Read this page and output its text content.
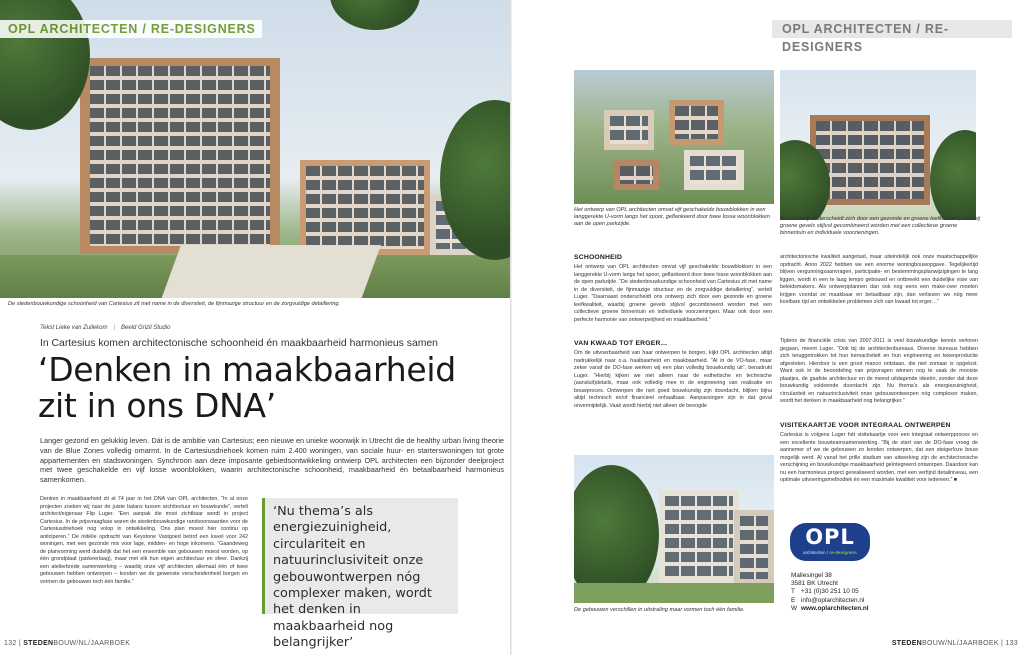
OPL ARCHITECTEN / RE-DESIGNERS
De stedenbouwkundige schoonheid van Cartesius zit met name in de diversiteit, de fijnmazige structuur en de zorgvuldige detaillering.
Tekst Lieke van Zuilekom | Beeld Grizli Studio
In Cartesius komen architectonische schoonheid én maakbaarheid harmonieus samen
‘Denken in maakbaarheid zit in ons DNA’

Langer gezond en gelukkig leven. Dát is de ambitie van Cartesius; een nieuwe en unieke woonwijk in Utrecht die de healthy urban living theorie van de Blue Zones volledig omarmt. In de Cartesiusdriehoek komen ruim 2.400 woningen, van sociale huur- en starterswoningen tot grote appartementen en stadswoningen. Synchroon aan deze imposante gebiedsontwikkeling ontwierp OPL architecten een bijzonder deelproject met twee geschakelde en vijf losse woonblokken, waarin architectonische schoonheid, maakbaarheid én betaalbaarheid harmonieus samenkomen.

Denken in maakbaarheid zit al 74 jaar in het DNA van OPL architecten. “In al onze projecten zoeken wij naar de juiste balans tussen architectuur en bouwkunde”, vertelt architect/eigenaar Flip Luger. “Een aanpak die mooi zichtbaar wordt in project Cartesius. In de prijsvraagfase waren de stedenbouwkundige randvoorwaarden voor de Cartesiusdriehoek nog volop in ontwikkeling. Ons plan moest hier continu op anticiperen.” De initiële opdracht van Keystone Vastgoed betrof een kavel voor 242 woningen, met een gezonde mix voor lage, midden- en hoge inkomens. “Gaandeweg de planvorming werd duidelijk dat het een ensemble van gebouwen moest worden, op één grondplaat (parkeerlaag), maar met elk hun eigen architectuur en sfeer. Dankzij een atelierbrede samenwerking – waarbij onze vijf architecten allemaal één of twee gebouwen hebben ontworpen – konden we de gewenste verscheidenheid borgen en vormen de gebouwen toch één familie.”

‘Nu thema’s als energiezuinigheid, circulariteit en natuurinclusiviteit onze gebouwontwerpen nóg complexer maken, wordt het denken in maakbaarheid nog belangrijker’

132 | STEDENBOUW/NL/JAARBOEK
OPL ARCHITECTEN / RE-DESIGNERS
Het ontwerp van OPL architecten omvat vijf geschakelde bouwblokken in een langgerekte U-vorm langs het spoor, geflankeerd door twee losse woonblokken aan de open parkzijde.
Het ontwerp onderscheidt zich door een gezonde en groene leefkwaliteit, waarbij groene gevels stijlvol gecombineerd worden met een collectieve groene binnentuin en individuele voorzieningen.
SCHOONHEID

Het ontwerp van OPL architecten omvat vijf geschakelde bouwblokken in een langgerekte U-vorm langs het spoor, geflankeerd door twee losse woonblokken aan de open parkzijde. “De stedenbouwkundige schoonheid van Cartesius zit met name in de diversiteit, de fijnmazige structuur en de zorgvuldige detaillering”, vertelt Luger. “Daarnaast onderscheidt ons ontwerp zich door een gezonde en groene leefkwaliteit, waarbij groene gevels stijlvol gecombineerd worden met een collectieve groene binnentuin en individuele voorzieningen. Maar ook door een perfecte harmonie van ontwerpvrijheid en maakbaarheid.”

VAN KWAAD TOT ERGER…

Om de uitvoerbaarheid van haar ontwerpen te borgen, kijkt OPL architecten altijd nadrukkelijk naar o.a. haalbaarheid en maakbaarheid. “Al in de VO-fase, maar zeker vanaf de DO-fase werken wij een plan volledig bouwkundig uit”, benadrukt Luger. “Hierbij kijken we niet alleen naar de esthetische en technische (aansluit)details, maar ook volledig mee in de engineering van realisatie en bouwproces. Ontwerpen die niet goed bouwkundig zijn doordacht, blijken bijna altijd technisch en/of financieel onhaalbaar. Aanpassingen zijn in dat geval onvermijdelijk. Vaak wordt hierbij niet alleen de beoogde

architectonische kwaliteit aangetast, maar uiteindelijk ook onze maatschappelijke opdracht. Anno 2022 hebben we een enorme woningbouwopgave. Tegelijkertijd blijven vergunningsaanvragen, participatie- en bestemmingsplanwijzigingen te lang liggen, wordt in een te laag tempo gebouwd en ontbreekt een duidelijke visie van beleidsmakers. Als ontwerpplannen dan ook nog eens een make-over moeten krijgen voordat ze maakbaar en betaalbaar zijn, dan verliezen we nóg meer kostbare tijd en ontwikkelen problemen zich van kwaad tot erger…”

Tijdens de financiële crisis van 2007-2011 is veel bouwkundige kennis verloren gegaan, meent Luger. “Ook bij de architectenbureaus. Diverse bureaus hebben zich teruggetrokken tot hun kernactiviteit en hun engineering en tekenproductie afgestoten. Hierdoor is een groot manco ontstaan, die niet zomaar is opgelost. Want ook in de beoordeling van prijsvragen winnen nog te vaak de mooiste plaatjes, de gaafste architectuur en de meest uitdagende ideeën, zonder dat deze bouwkundig voldoende doordacht zijn. Nu thema’s als energiezuinigheid, circulariteit en natuurinclusiviteit onze gebouwontwerpen nóg complexer maken, wordt het denken in maakbaarheid nog belangrijker.”

VISITEKAARTJE VOOR INTEGRAAL ONTWERPEN

Cartesius is volgens Luger hét visitekaartje voor een integraal ontwerpproces en een excellente bouwteamsamenwerking. “Bij de start van de DO-fase vroeg de aannemer of we de gebouwen zo konden ontwerpen, dat een steigerloze bouw mogelijk werd. Al vanaf het prille stadium van uitwerking zijn de architectonische verschijning en bouwkundige maakbaarheid geïntegreerd ontworpen. Daardoor kan nu een harmonieus project gerealiseerd worden, met een verfijnd detailniveau, een optimale uitvoeringsmethodiek én een maximale kwaliteit voor iedereen.” ■

De gebouwen verschillen in uitstraling maar vormen toch één familie.
OPL
architecten / re-designers
Mallesingel 38
3581 BK Utrecht
T +31 (0)30 251 10 05
E info@oplarchitecten.nl
W www.oplarchitecten.nl
STEDENBOUW/NL/JAARBOEK | 133
